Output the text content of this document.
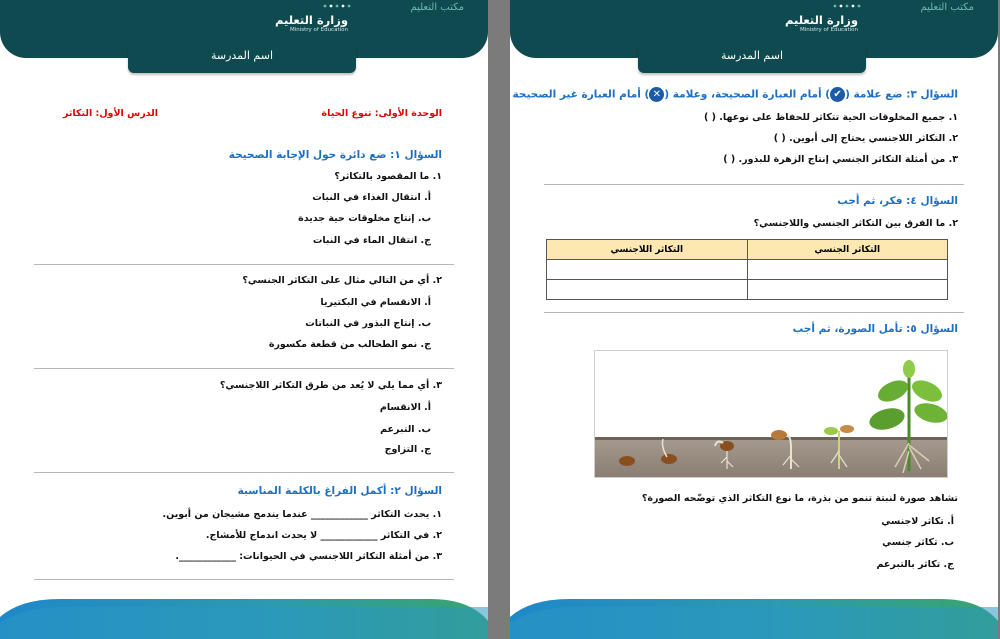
مكتب التعليم
وزارة التعليم
Ministry of Education
اسم المدرسة
الوحدة الأولى: تنوع الحياة
الدرس الأول: التكاثر
السؤال ١: ضع دائرة حول الإجابة الصحيحة
١. ما المقصود بالتكاثر؟
أ. انتقال الغذاء في النبات
ب. إنتاج مخلوقات حية جديدة
ج. انتقال الماء في النبات
٢. أي من التالي مثال على التكاثر الجنسي؟
أ. الانقسام في البكتيريا
ب. إنتاج البذور في النباتات
ج. نمو الطحالب من قطعة مكسورة
٣. أي مما يلي لا يُعد من طرق التكاثر اللاجنسي؟
أ. الانقسام
ب. التبرعم
ج. التزاوج
السؤال ٢: أكمل الفراغ بالكلمة المناسبة
١. يحدث التكاثر ____________ عندما يندمج مشيجان من أبوين.
٢. في التكاثر ____________ لا يحدث اندماج للأمشاج.
٣. من أمثلة التكاثر اللاجنسي في الحيوانات: ____________.
مكتب التعليم
وزارة التعليم
Ministry of Education
اسم المدرسة
السؤال ٣: ضع علامة (✔) أمام العبارة الصحيحة، وعلامة (✕) أمام العبارة غير الصحيحة
١. جميع المخلوقات الحية تتكاثر للحفاظ على نوعها. ( )
٢. التكاثر اللاجنسي يحتاج إلى أبوين. ( )
٣. من أمثلة التكاثر الجنسي إنتاج الزهرة للبذور. ( )
السؤال ٤: فكر، ثم أجب
٢. ما الفرق بين التكاثر الجنسي واللاجنسي؟
التكاثر الجنسي	التكاثر اللاجنسي

السؤال ٥: تأمل الصورة، ثم أجب
تشاهد صورة لنبتة تنمو من بذرة، ما نوع التكاثر الذي توضّحه الصورة؟
أ. تكاثر لاجنسي
ب. تكاثر جنسي
ج. تكاثر بالتبرعم
